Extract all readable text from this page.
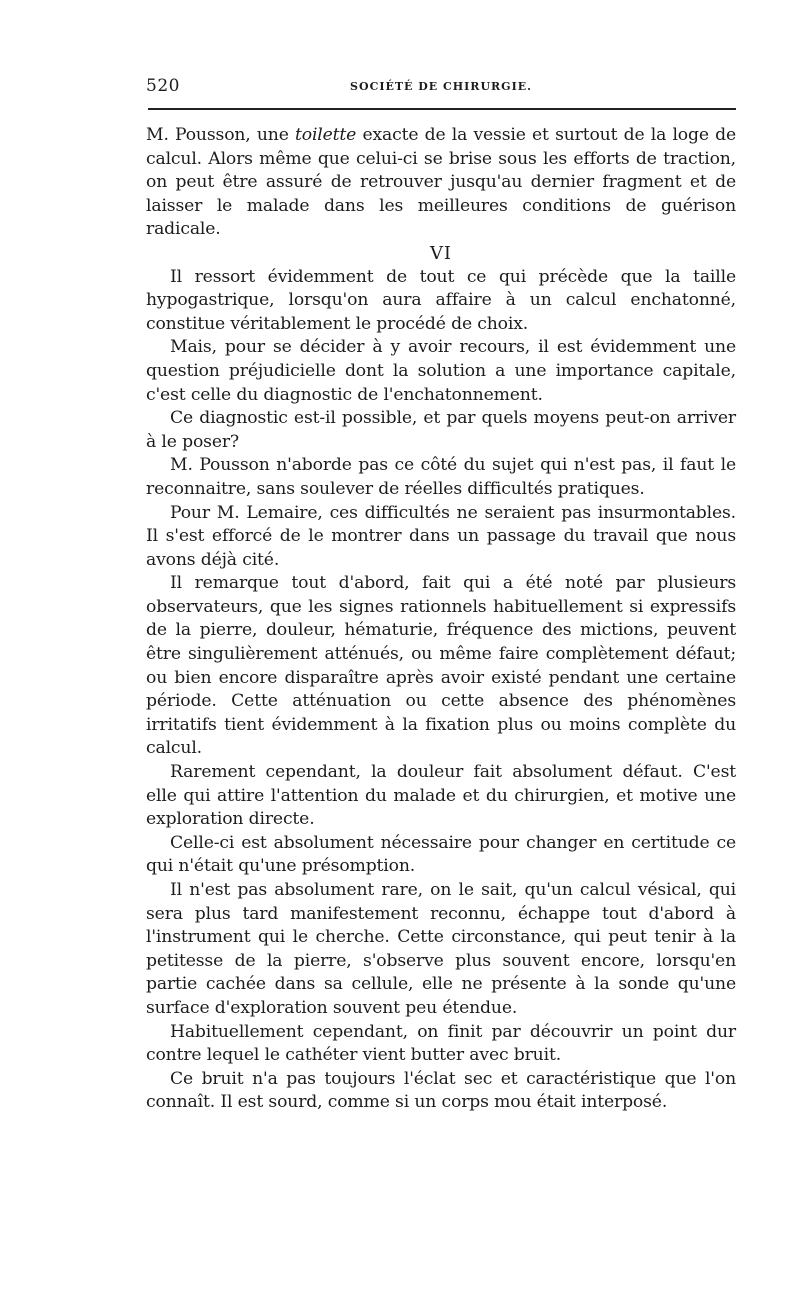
520	SOCIÉTÉ DE CHIRURGIE.

M. Pousson, une toilette exacte de la vessie et surtout de la loge de calcul. Alors même que celui-ci se brise sous les efforts de traction, on peut être assuré de retrouver jusqu'au dernier fragment et de laisser le malade dans les meilleures conditions de guérison radicale.

VI

Il ressort évidemment de tout ce qui précède que la taille hypogastrique, lorsqu'on aura affaire à un calcul enchatonné, constitue véritablement le procédé de choix.

Mais, pour se décider à y avoir recours, il est évidemment une question préjudicielle dont la solution a une importance capitale, c'est celle du diagnostic de l'enchatonnement.

Ce diagnostic est-il possible, et par quels moyens peut-on arriver à le poser?

M. Pousson n'aborde pas ce côté du sujet qui n'est pas, il faut le reconnaitre, sans soulever de réelles difficultés pratiques.

Pour M. Lemaire, ces difficultés ne seraient pas insurmontables. Il s'est efforcé de le montrer dans un passage du travail que nous avons déjà cité.

Il remarque tout d'abord, fait qui a été noté par plusieurs observateurs, que les signes rationnels habituellement si expressifs de la pierre, douleur, hématurie, fréquence des mictions, peuvent être singulièrement atténués, ou même faire complètement défaut; ou bien encore disparaître après avoir existé pendant une certaine période. Cette atténuation ou cette absence des phénomènes irritatifs tient évidemment à la fixation plus ou moins complète du calcul.

Rarement cependant, la douleur fait absolument défaut. C'est elle qui attire l'attention du malade et du chirurgien, et motive une exploration directe.

Celle-ci est absolument nécessaire pour changer en certitude ce qui n'était qu'une présomption.

Il n'est pas absolument rare, on le sait, qu'un calcul vésical, qui sera plus tard manifestement reconnu, échappe tout d'abord à l'instrument qui le cherche. Cette circonstance, qui peut tenir à la petitesse de la pierre, s'observe plus souvent encore, lorsqu'en partie cachée dans sa cellule, elle ne présente à la sonde qu'une surface d'exploration souvent peu étendue.

Habituellement cependant, on finit par découvrir un point dur contre lequel le cathéter vient butter avec bruit.

Ce bruit n'a pas toujours l'éclat sec et caractéristique que l'on connaît. Il est sourd, comme si un corps mou était interposé.
